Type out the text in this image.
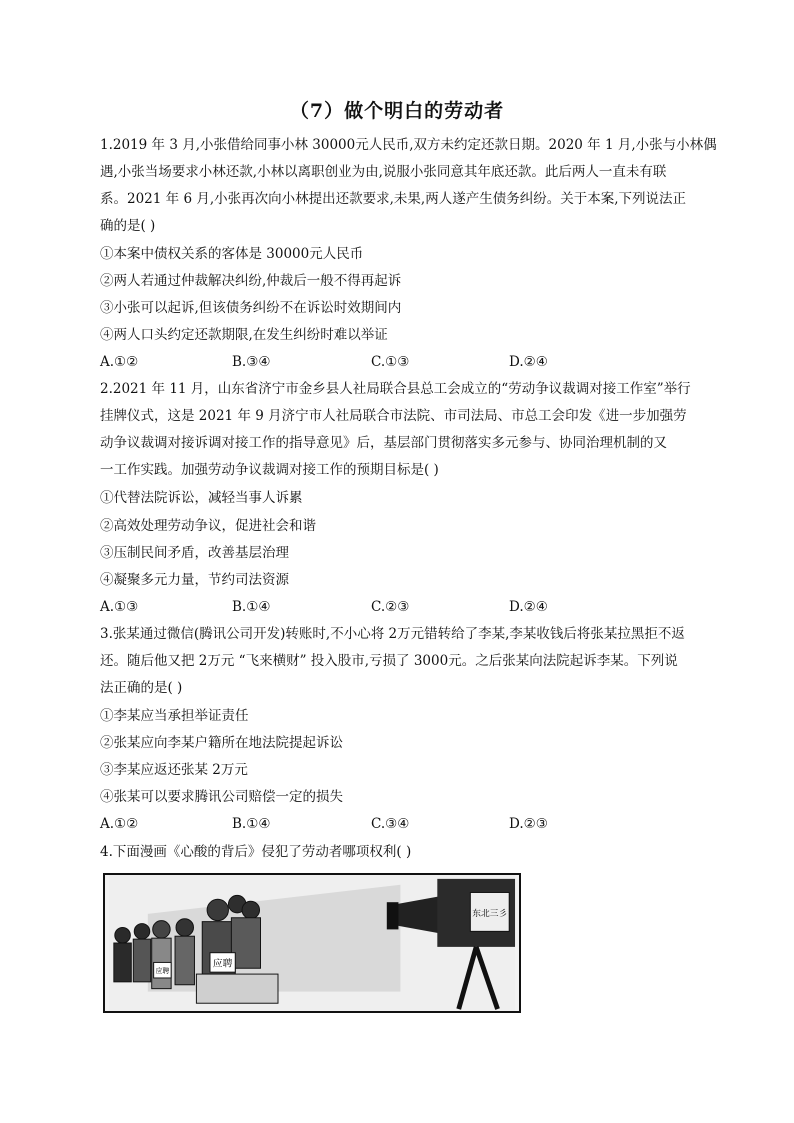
（7）做个明白的劳动者
1.2019 年 3 月,小张借给同事小林 30000元人民币,双方未约定还款日期。2020 年 1 月,小张与小林偶
遇,小张当场要求小林还款,小林以离职创业为由,说服小张同意其年底还款。此后两人一直未有联
系。2021 年 6 月,小张再次向小林提出还款要求,未果,两人遂产生债务纠纷。关于本案,下列说法正
确的是( )
①本案中债权关系的客体是 30000元人民币
②两人若通过仲裁解决纠纷,仲裁后一般不得再起诉
③小张可以起诉,但该债务纠纷不在诉讼时效期间内
④两人口头约定还款期限,在发生纠纷时难以举证
A.①②	B.③④	C.①③	D.②④
2.2021 年 11 月，山东省济宁市金乡县人社局联合县总工会成立的“劳动争议裁调对接工作室”举行
挂牌仪式，这是 2021 年 9 月济宁市人社局联合市法院、市司法局、市总工会印发《进一步加强劳
动争议裁调对接诉调对接工作的指导意见》后，基层部门贯彻落实多元参与、协同治理机制的又
一工作实践。加强劳动争议裁调对接工作的预期目标是( )
①代替法院诉讼，减轻当事人诉累
②高效处理劳动争议，促进社会和谐
③压制民间矛盾，改善基层治理
④凝聚多元力量，节约司法资源
A.①③	B.①④	C.②③	D.②④
3.张某通过微信(腾讯公司开发)转账时,不小心将 2万元错转给了李某,李某收钱后将张某拉黑拒不返
还。随后他又把 2万元 “飞来横财” 投入股市,亏损了 3000元。之后张某向法院起诉李某。下列说
法正确的是( )
①李某应当承担举证责任
②张某应向李某户籍所在地法院提起诉讼
③李某应返还张某 2万元
④张某可以要求腾讯公司赔偿一定的损失
A.①②	B.①④	C.③④	D.②③
4.下面漫画《心酸的背后》侵犯了劳动者哪项权利( )
应聘
应聘
东北三彡
